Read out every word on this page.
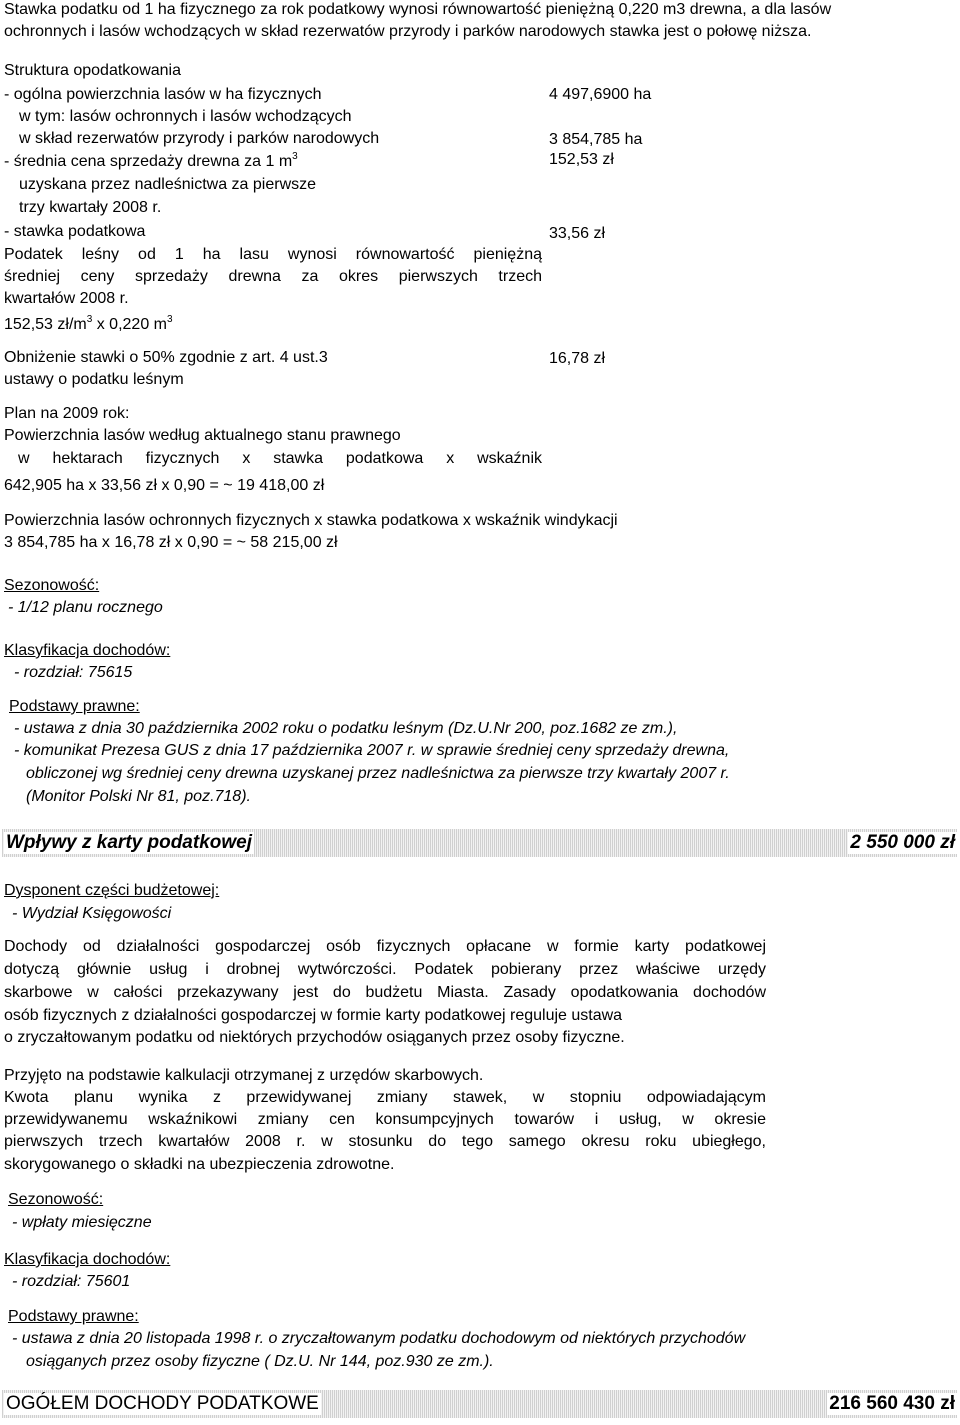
Stawka podatku od 1 ha fizycznego za rok podatkowy wynosi równowartość pieniężną 0,220 m3 drewna, a dla lasów
ochronnych i lasów wchodzących w skład rezerwatów przyrody i parków narodowych stawka jest o połowę niższa.
Struktura opodatkowania
- ogólna powierzchnia lasów w ha fizycznych	4 497,6900 ha
w tym: lasów ochronnych i lasów wchodzących
w skład rezerwatów przyrody i parków narodowych	3 854,785 ha
- średnia cena sprzedaży drewna za 1 $m^3$	152,53 zł
uzyskana przez nadleśnictwa za pierwsze
trzy kwartały 2008 r.
- stawka podatkowa	33,56 zł
Podatek leśny od 1 ha lasu wynosi równowartość pieniężną
średniej ceny sprzedaży drewna za okres pierwszych trzech
kwartałów 2008 r.
152,53 $zł/m^3$ x 0,220 $m^3$
Obniżenie stawki o 50% zgodnie z art. 4 ust.3	16,78 zł
ustawy o podatku leśnym
Plan na 2009 rok:
Powierzchnia lasów według aktualnego stanu prawnego
w hektarach fizycznych x stawka podatkowa x wskaźnik
642,905 ha x 33,56 zł x 0,90 = ~ 19 418,00 zł
Powierzchnia lasów ochronnych fizycznych x stawka podatkowa x wskaźnik windykacji
3 854,785 ha x 16,78 zł x 0,90 = ~ 58 215,00 zł
Sezonowość:
- 1/12 planu rocznego
Klasyfikacja dochodów:
- rozdział: 75615
Podstawy prawne:
- ustawa z dnia 30 października 2002 roku o podatku leśnym (Dz.U.Nr 200, poz.1682 ze zm.),
- komunikat Prezesa GUS z dnia 17 października 2007 r. w sprawie średniej ceny sprzedaży drewna,
obliczonej wg średniej ceny drewna uzyskanej przez nadleśnictwa za pierwsze trzy kwartały 2007 r.
(Monitor Polski Nr 81, poz.718).
Wpływy z karty podatkowej	2 550 000 zł
Dysponent części budżetowej:
- Wydział Księgowości
Dochody od działalności gospodarczej osób fizycznych opłacane w formie karty podatkowej
dotyczą głównie usług i drobnej wytwórczości. Podatek pobierany przez właściwe urzędy
skarbowe w całości przekazywany jest do budżetu Miasta. Zasady opodatkowania dochodów
osób fizycznych z działalności gospodarczej w formie karty podatkowej reguluje ustawa
o zryczałtowanym podatku od niektórych przychodów osiąganych przez osoby fizyczne.
Przyjęto na podstawie kalkulacji otrzymanej z urzędów skarbowych.
Kwota planu wynika z przewidywanej zmiany stawek, w stopniu odpowiadającym
przewidywanemu wskaźnikowi zmiany cen konsumpcyjnych towarów i usług, w okresie
pierwszych trzech kwartałów 2008 r. w stosunku do tego samego okresu roku ubiegłego,
skorygowanego o składki na ubezpieczenia zdrowotne.
Sezonowość:
- wpłaty miesięczne
Klasyfikacja dochodów:
- rozdział: 75601
Podstawy prawne:
- ustawa z dnia 20 listopada 1998 r. o zryczałtowanym podatku dochodowym od niektórych przychodów
osiąganych przez osoby fizyczne ( Dz.U. Nr 144, poz.930 ze zm.).
OGÓŁEM DOCHODY PODATKOWE	216 560 430 zł
